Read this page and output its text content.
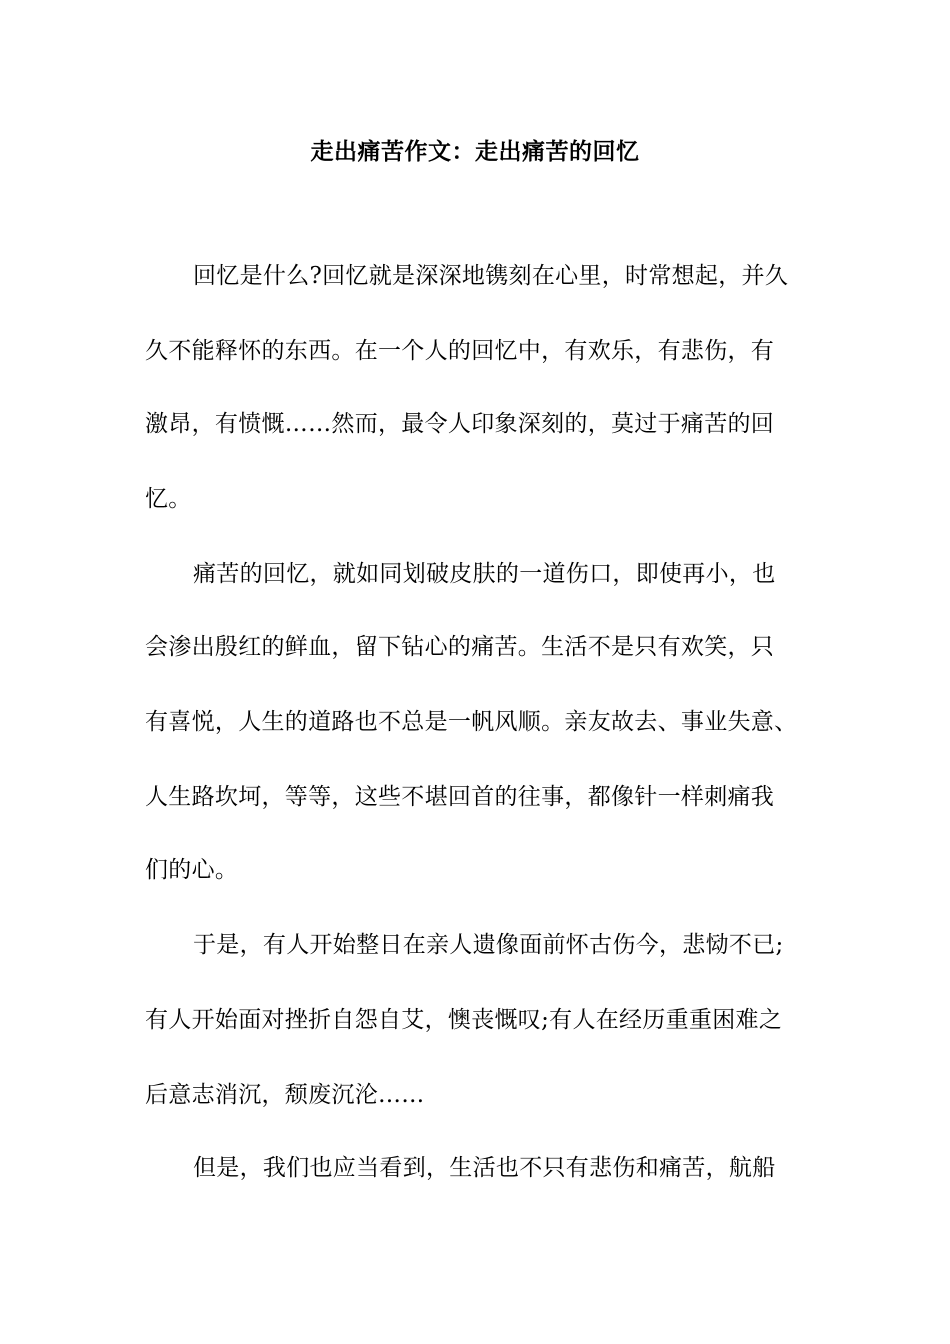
走出痛苦作文：走出痛苦的回忆
回忆是什么?回忆就是深深地镌刻在心里，时常想起，并久
久不能释怀的东西。在一个人的回忆中，有欢乐，有悲伤，有
激昂，有愤慨……然而，最令人印象深刻的，莫过于痛苦的回
忆。
痛苦的回忆，就如同划破皮肤的一道伤口，即使再小，也
会渗出殷红的鲜血，留下钻心的痛苦。生活不是只有欢笑，只
有喜悦，人生的道路也不总是一帆风顺。亲友故去、事业失意、
人生路坎坷，等等，这些不堪回首的往事，都像针一样刺痛我
们的心。
于是，有人开始整日在亲人遗像面前怀古伤今，悲恸不已;
有人开始面对挫折自怨自艾，懊丧慨叹;有人在经历重重困难之
后意志消沉，颓废沉沦……
但是，我们也应当看到，生活也不只有悲伤和痛苦，航船
